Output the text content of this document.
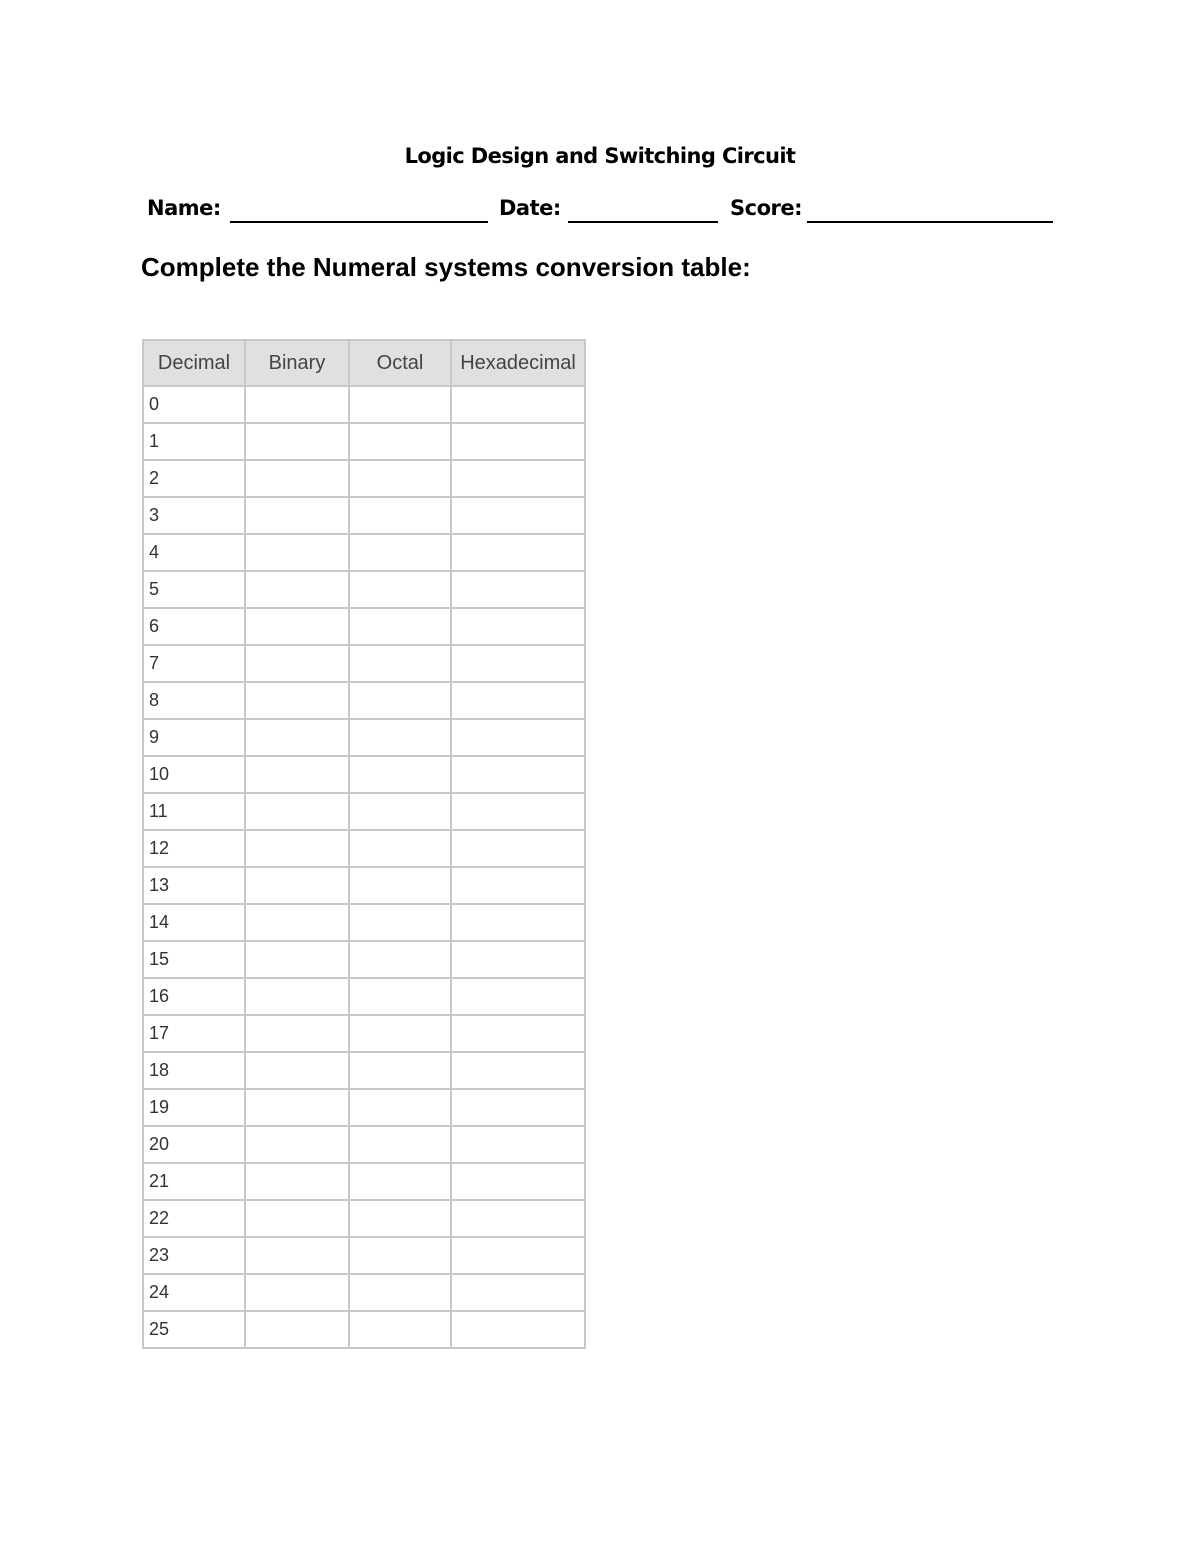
Logic Design and Switching Circuit
Name:	Date:	Score:
Complete the Numeral systems conversion table:
Decimal	Binary	Octal	Hexadecimal
0			
1			
2			
3			
4			
5			
6			
7			
8			
9			
10			
11			
12			
13			
14			
15			
16			
17			
18			
19			
20			
21			
22			
23			
24			
25			
